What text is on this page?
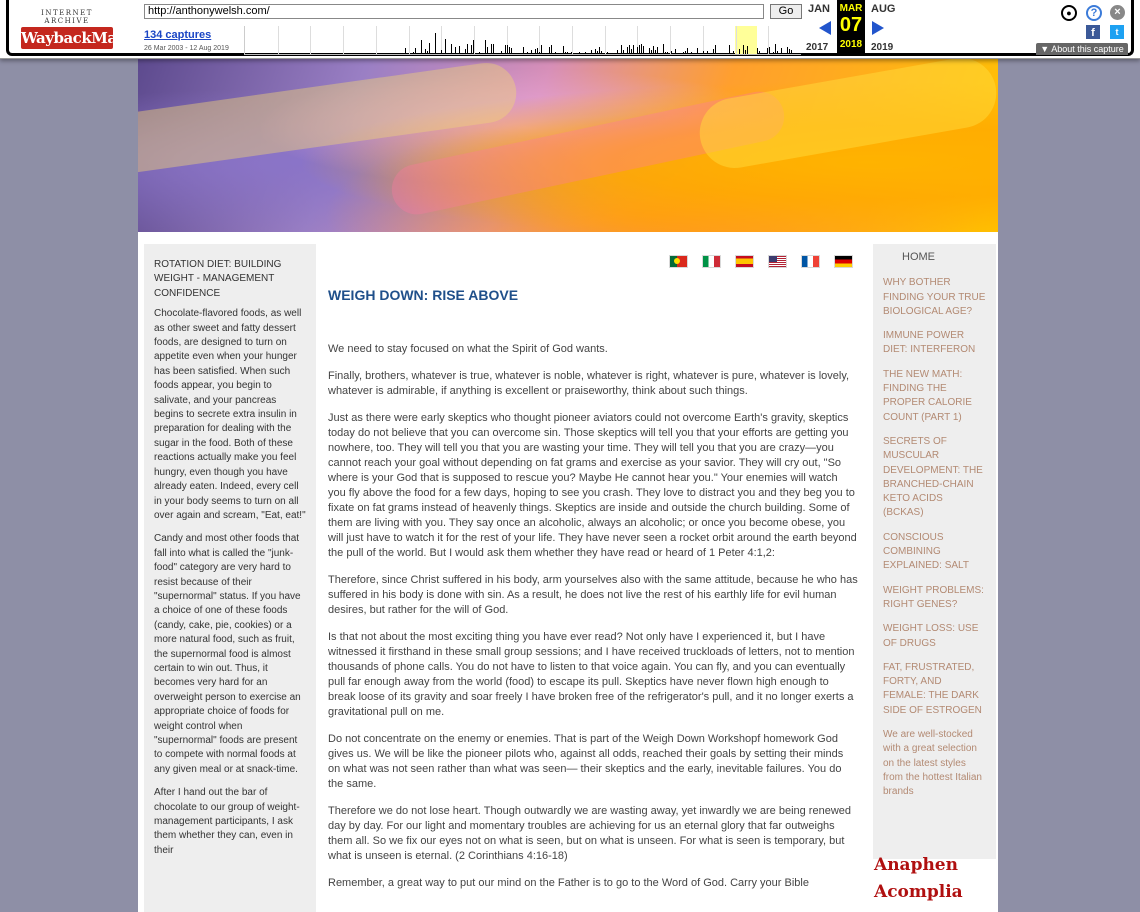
INTERNET ARCHIVE
WaybackMachine
http://anthonywelsh.com/	Go
134 captures
26 Mar 2003 - 12 Aug 2019
JAN
2017
MAR
07
2018
AUG
2019
●	?	×
f	t
▼ About this capture

ROTATION DIET: BUILDING WEIGHT - MANAGEMENT CONFIDENCE

Chocolate-flavored foods, as well as other sweet and fatty dessert foods, are designed to turn on appetite even when your hunger has been satisfied. When such foods appear, you begin to salivate, and your pancreas begins to secrete extra insulin in preparation for dealing with the sugar in the food. Both of these reactions actually make you feel hungry, even though you have already eaten. Indeed, every cell in your body seems to turn on all over again and scream, "Eat, eat!"

Candy and most other foods that fall into what is called the "junk-food" category are very hard to resist because of their "supernormal" status. If you have a choice of one of these foods (candy, cake, pie, cookies) or a more natural food, such as fruit, the supernormal food is almost certain to win out. Thus, it becomes very hard for an overweight person to exercise an appropriate choice of foods for weight control when "supernormal" foods are present to compete with normal foods at any given meal or at snack-time.

After I hand out the bar of chocolate to our group of weight-management participants, I ask them whether they can, even in their

WEIGH DOWN: RISE ABOVE

We need to stay focused on what the Spirit of God wants.

Finally, brothers, whatever is true, whatever is noble, whatever is right, whatever is pure, whatever is lovely, whatever is admirable, if anything is excellent or praiseworthy, think about such things.

Just as there were early skeptics who thought pioneer aviators could not overcome Earth's gravity, skeptics today do not believe that you can overcome sin. Those skeptics will tell you that your efforts are getting you nowhere, too. They will tell you that you are wasting your time. They will tell you that you are crazy—you cannot reach your goal without depending on fat grams and exercise as your savior. They will cry out, "So where is your God that is supposed to rescue you? Maybe He cannot hear you." Your enemies will watch you fly above the food for a few days, hoping to see you crash. They love to distract you and they beg you to fixate on fat grams instead of heavenly things. Skeptics are inside and outside the church building. Some of them are living with you. They say once an alcoholic, always an alcoholic; or once you become obese, you will just have to watch it for the rest of your life. They have never seen a rocket orbit around the earth beyond the pull of the world. But I would ask them whether they have read or heard of 1 Peter 4:1,2:

Therefore, since Christ suffered in his body, arm yourselves also with the same attitude, because he who has suffered in his body is done with sin. As a result, he does not live the rest of his earthly life for evil human desires, but rather for the will of God.

Is that not about the most exciting thing you have ever read? Not only have I experienced it, but I have witnessed it firsthand in these small group sessions; and I have received truckloads of letters, not to mention thousands of phone calls. You do not have to listen to that voice again. You can fly, and you can eventually pull far enough away from the world (food) to escape its pull. Skeptics have never flown high enough to break loose of its gravity and soar freely I have broken free of the refrigerator's pull, and it no longer exerts a gravitational pull on me.

Do not concentrate on the enemy or enemies. That is part of the Weigh Down Workshopf homework God gives us. We will be like the pioneer pilots who, against all odds, reached their goals by setting their minds on what was not seen rather than what was seen— their skeptics and the early, inevitable failures. You do the same.

Therefore we do not lose heart. Though outwardly we are wasting away, yet inwardly we are being renewed day by day. For our light and momentary troubles are achieving for us an eternal glory that far outweighs them all. So we fix our eyes not on what is seen, but on what is unseen. For what is seen is temporary, but what is unseen is eternal. (2 Corinthians 4:16-18)

Remember, a great way to put our mind on the Father is to go to the Word of God. Carry your Bible

HOME
WHY BOTHER FINDING YOUR TRUE BIOLOGICAL AGE?
IMMUNE POWER DIET: INTERFERON
THE NEW MATH: FINDING THE PROPER CALORIE COUNT (PART 1)
SECRETS OF MUSCULAR DEVELOPMENT: THE BRANCHED-CHAIN KETO ACIDS (BCKAS)
CONSCIOUS COMBINING EXPLAINED: SALT
WEIGHT PROBLEMS: RIGHT GENES?
WEIGHT LOSS: USE OF DRUGS
FAT, FRUSTRATED, FORTY, AND FEMALE: THE DARK SIDE OF ESTROGEN
We are well-stocked with a great selection on the latest styles from the hottest Italian brands
Anaphen
Acomplia
